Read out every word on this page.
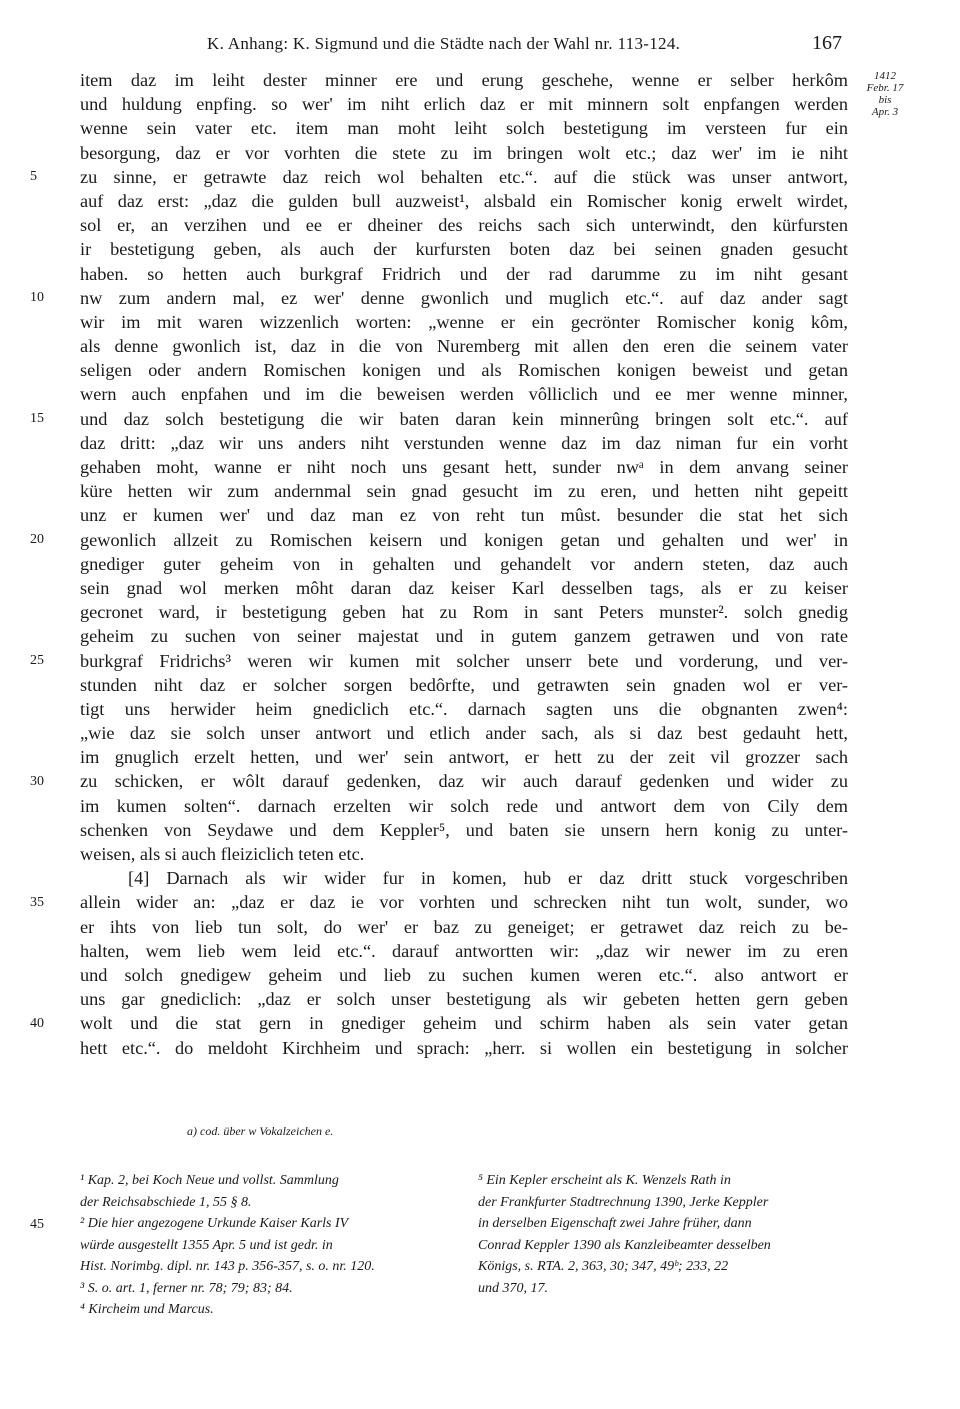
K. Anhang: K. Sigmund und die Städte nach der Wahl nr. 113-124.	167
1412
Febr. 17
bis
Apr. 3
5
10
15
20
25
30
35
40
item daz im leiht dester minner ere und erung geschehe, wenne er selber herkôm
und huldung enpfing. so wer' im niht erlich daz er mit minnern solt enpfangen werden
wenne sein vater etc. item man moht leiht solch bestetigung im versteen fur ein
besorgung, daz er vor vorhten die stete zu im bringen wolt etc.; daz wer' im ie niht
zu sinne, er getrawte daz reich wol behalten etc.“. auf die stück was unser antwort,
auf daz erst: „daz die gulden bull auzweist¹, alsbald ein Romischer konig erwelt wirdet,
sol er, an verzihen und ee er dheiner des reichs sach sich unterwindt, den kürfursten
ir bestetigung geben, als auch der kurfursten boten daz bei seinen gnaden gesucht
haben. so hetten auch burkgraf Fridrich und der rad darumme zu im niht gesant
nw zum andern mal, ez wer' denne gwonlich und muglich etc.“. auf daz ander sagt
wir im mit waren wizzenlich worten: „wenne er ein gecrönter Romischer konig kôm,
als denne gwonlich ist, daz in die von Nuremberg mit allen den eren die seinem vater
seligen oder andern Romischen konigen und als Romischen konigen beweist und getan
wern auch enpfahen und im die beweisen werden vôlliclich und ee mer wenne minner,
und daz solch bestetigung die wir baten daran kein minnerûng bringen solt etc.“. auf
daz dritt: „daz wir uns anders niht verstunden wenne daz im daz niman fur ein vorht
gehaben moht, wanne er niht noch uns gesant hett, sunder nwᵃ in dem anvang seiner
küre hetten wir zum andernmal sein gnad gesucht im zu eren, und hetten niht gepeitt
unz er kumen wer' und daz man ez von reht tun mûst. besunder die stat het sich
gewonlich allzeit zu Romischen keisern und konigen getan und gehalten und wer' in
gnediger guter geheim von in gehalten und gehandelt vor andern steten, daz auch
sein gnad wol merken môht daran daz keiser Karl desselben tags, als er zu keiser
gecronet ward, ir bestetigung geben hat zu Rom in sant Peters munster². solch gnedig
geheim zu suchen von seiner majestat und in gutem ganzem getrawen und von rate
burkgraf Fridrichs³ weren wir kumen mit solcher unserr bete und vorderung, und ver-
stunden niht daz er solcher sorgen bedôrfte, und getrawten sein gnaden wol er ver-
tigt uns herwider heim gnediclich etc.“. darnach sagten uns die obgnanten zwen⁴:
„wie daz sie solch unser antwort und etlich ander sach, als si daz best gedauht hett,
im gnuglich erzelt hetten, und wer' sein antwort, er hett zu der zeit vil grozzer sach
zu schicken, er wôlt darauf gedenken, daz wir auch darauf gedenken und wider zu
im kumen solten“. darnach erzelten wir solch rede und antwort dem von Cily dem
schenken von Seydawe und dem Keppler⁵, und baten sie unsern hern konig zu unter-
weisen, als si auch fleiziclich teten etc.
[4] Darnach als wir wider fur in komen, hub er daz dritt stuck vorgeschriben
allein wider an: „daz er daz ie vor vorhten und schrecken niht tun wolt, sunder, wo
er ihts von lieb tun solt, do wer' er baz zu geneiget; er getrawet daz reich zu be-
halten, wem lieb wem leid etc.“. darauf antwortten wir: „daz wir newer im zu eren
und solch gnedigew geheim und lieb zu suchen kumen weren etc.“. also antwort er
uns gar gnediclich: „daz er solch unser bestetigung als wir gebeten hetten gern geben
wolt und die stat gern in gnediger geheim und schirm haben als sein vater getan
hett etc.“. do meldoht Kirchheim und sprach: „herr. si wollen ein bestetigung in solcher
a) cod. über w Vokalzeichen e.
45
¹ Kap. 2, bei Koch Neue und vollst. Sammlung
der Reichsabschiede 1, 55 § 8.
² Die hier angezogene Urkunde Kaiser Karls IV
würde ausgestellt 1355 Apr. 5 und ist gedr. in
Hist. Norimbg. dipl. nr. 143 p. 356-357, s. o. nr. 120.
³ S. o. art. 1, ferner nr. 78; 79; 83; 84.
⁴ Kircheim und Marcus.
⁵ Ein Kepler erscheint als K. Wenzels Rath in
der Frankfurter Stadtrechnung 1390, Jerke Keppler
in derselben Eigenschaft zwei Jahre früher, dann
Conrad Keppler 1390 als Kanzleibeamter desselben
Königs, s. RTA. 2, 363, 30; 347, 49ᵇ; 233, 22
und 370, 17.
